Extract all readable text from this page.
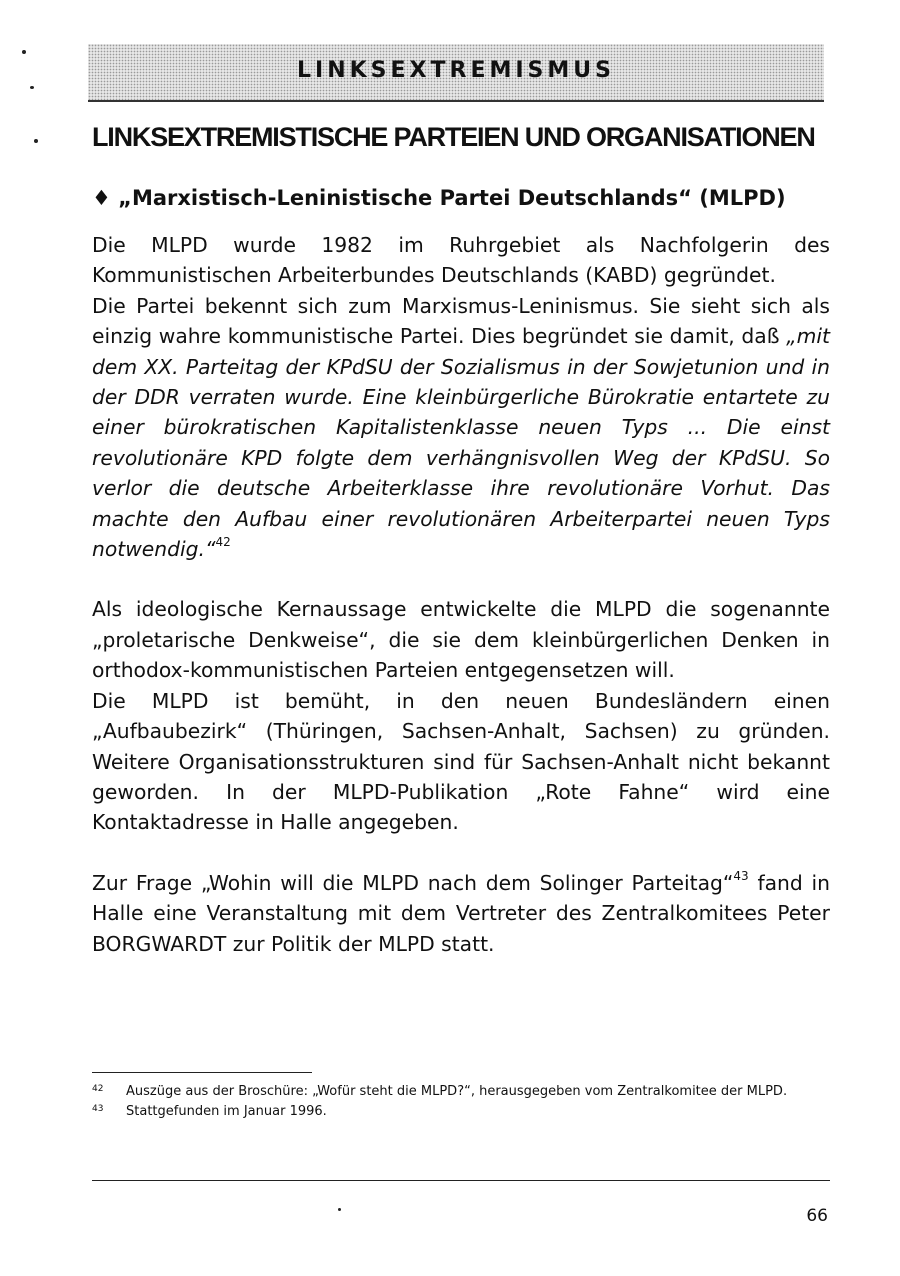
LINKSEXTREMISMUS
LINKSEXTREMISTISCHE PARTEIEN UND ORGANISATIONEN
♦ „Marxistisch-Leninistische Partei Deutschlands“ (MLPD)

Die MLPD wurde 1982 im Ruhrgebiet als Nachfolgerin des Kommunistischen Arbeiterbundes Deutschlands (KABD) gegründet.

Die Partei bekennt sich zum Marxismus-Leninismus. Sie sieht sich als einzig wahre kommunistische Partei. Dies begründet sie damit, daß „mit dem XX. Parteitag der KPdSU der Sozialismus in der Sowjetunion und in der DDR verraten wurde. Eine kleinbürgerliche Bürokratie entartete zu einer bürokratischen Kapitalistenklasse neuen Typs ... Die einst revolutionäre KPD folgte dem verhängnisvollen Weg der KPdSU. So verlor die deutsche Arbeiterklasse ihre revolutionäre Vorhut. Das machte den Aufbau einer revolutionären Arbeiterpartei neuen Typs notwendig.“$^{42}$

Als ideologische Kernaussage entwickelte die MLPD die sogenannte „proletarische Denkweise“, die sie dem kleinbürgerlichen Denken in orthodox-kommunistischen Parteien entgegensetzen will.

Die MLPD ist bemüht, in den neuen Bundesländern einen „Aufbaubezirk“ (Thüringen, Sachsen-Anhalt, Sachsen) zu gründen. Weitere Organisationsstrukturen sind für Sachsen-Anhalt nicht bekannt geworden. In der MLPD-Publikation „Rote Fahne“ wird eine Kontaktadresse in Halle angegeben.

Zur Frage „Wohin will die MLPD nach dem Solinger Parteitag“$^{43}$ fand in Halle eine Veranstaltung mit dem Vertreter des Zentralkomitees Peter BORGWARDT zur Politik der MLPD statt.

42	Auszüge aus der Broschüre: „Wofür steht die MLPD?“, herausgegeben vom Zentralkomitee der MLPD.
43	Stattgefunden im Januar 1996.
66
